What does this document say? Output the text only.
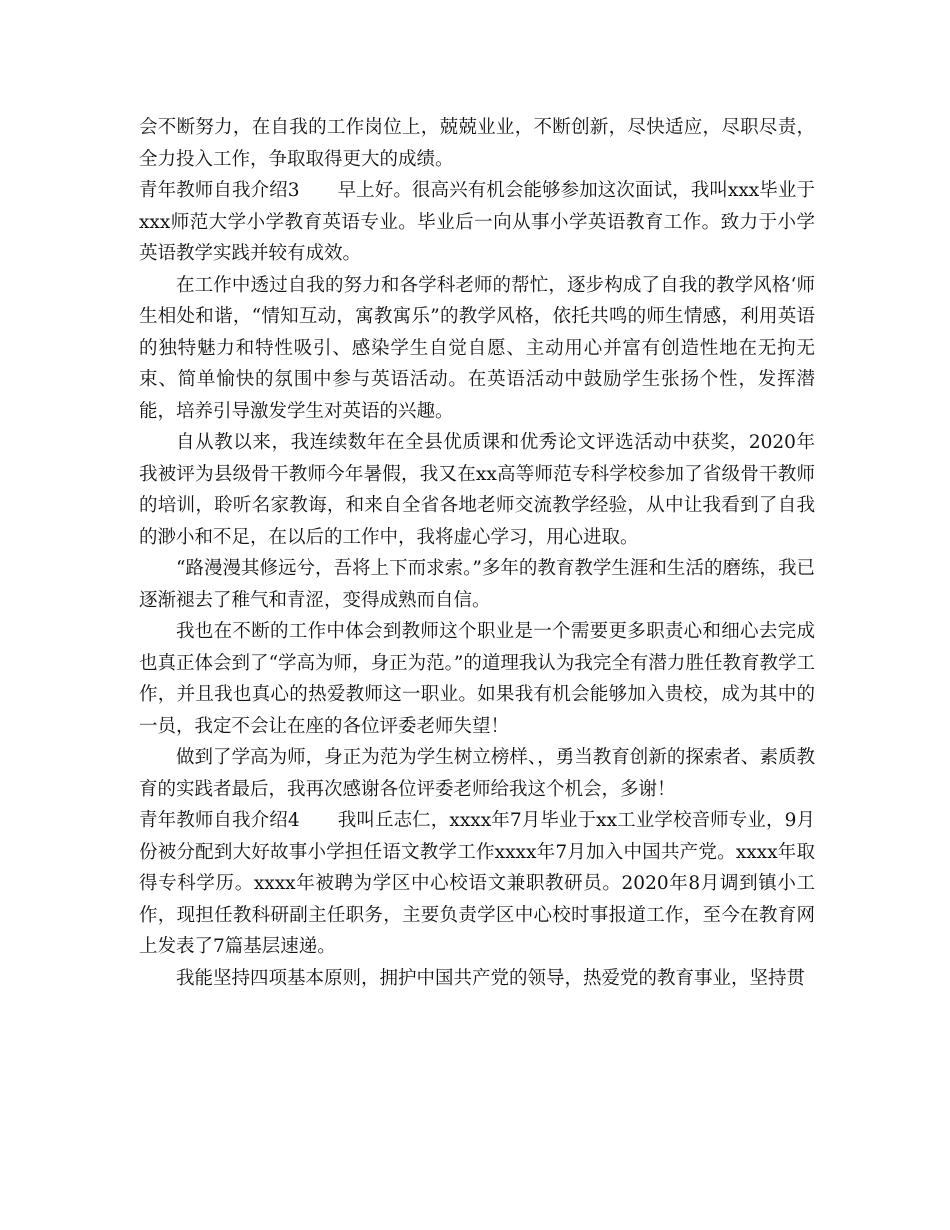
会不断努力，在自我的工作岗位上，兢兢业业，不断创新，尽快适应，尽职尽责，全力投入工作，争取取得更大的成绩。

青年教师自我介绍3 早上好。很高兴有机会能够参加这次面试，我叫xxx毕业于xxx师范大学小学教育英语专业。毕业后一向从事小学英语教育工作。致力于小学英语教学实践并较有成效。

在工作中透过自我的努力和各学科老师的帮忙，逐步构成了自我的教学风格‘师生相处和谐，“情知互动，寓教寓乐”的教学风格，依托共鸣的师生情感，利用英语的独特魅力和特性吸引、感染学生自觉自愿、主动用心并富有创造性地在无拘无束、简单愉快的氛围中参与英语活动。在英语活动中鼓励学生张扬个性，发挥潜能，培养引导激发学生对英语的兴趣。

自从教以来，我连续数年在全县优质课和优秀论文评选活动中获奖，2020年我被评为县级骨干教师今年暑假，我又在xx高等师范专科学校参加了省级骨干教师的培训，聆听名家教诲，和来自全省各地老师交流教学经验，从中让我看到了自我的渺小和不足，在以后的工作中，我将虚心学习，用心进取。

“路漫漫其修远兮，吾将上下而求索。”多年的教育教学生涯和生活的磨练，我已逐渐褪去了稚气和青涩，变得成熟而自信。

我也在不断的工作中体会到教师这个职业是一个需要更多职责心和细心去完成也真正体会到了“学高为师，身正为范。”的道理我认为我完全有潜力胜任教育教学工作，并且我也真心的热爱教师这一职业。如果我有机会能够加入贵校，成为其中的一员，我定不会让在座的各位评委老师失望！

做到了学高为师，身正为范为学生树立榜样、，勇当教育创新的探索者、素质教育的实践者最后，我再次感谢各位评委老师给我这个机会，多谢！

青年教师自我介绍4 我叫丘志仁，xxxx年7月毕业于xx工业学校音师专业，9月份被分配到大好故事小学担任语文教学工作xxxx年7月加入中国共产党。xxxx年取得专科学历。xxxx年被聘为学区中心校语文兼职教研员。2020年8月调到镇小工作，现担任教科研副主任职务，主要负责学区中心校时事报道工作，至今在教育网上发表了7篇基层速递。

我能坚持四项基本原则，拥护中国共产党的领导，热爱党的教育事业，坚持贯
